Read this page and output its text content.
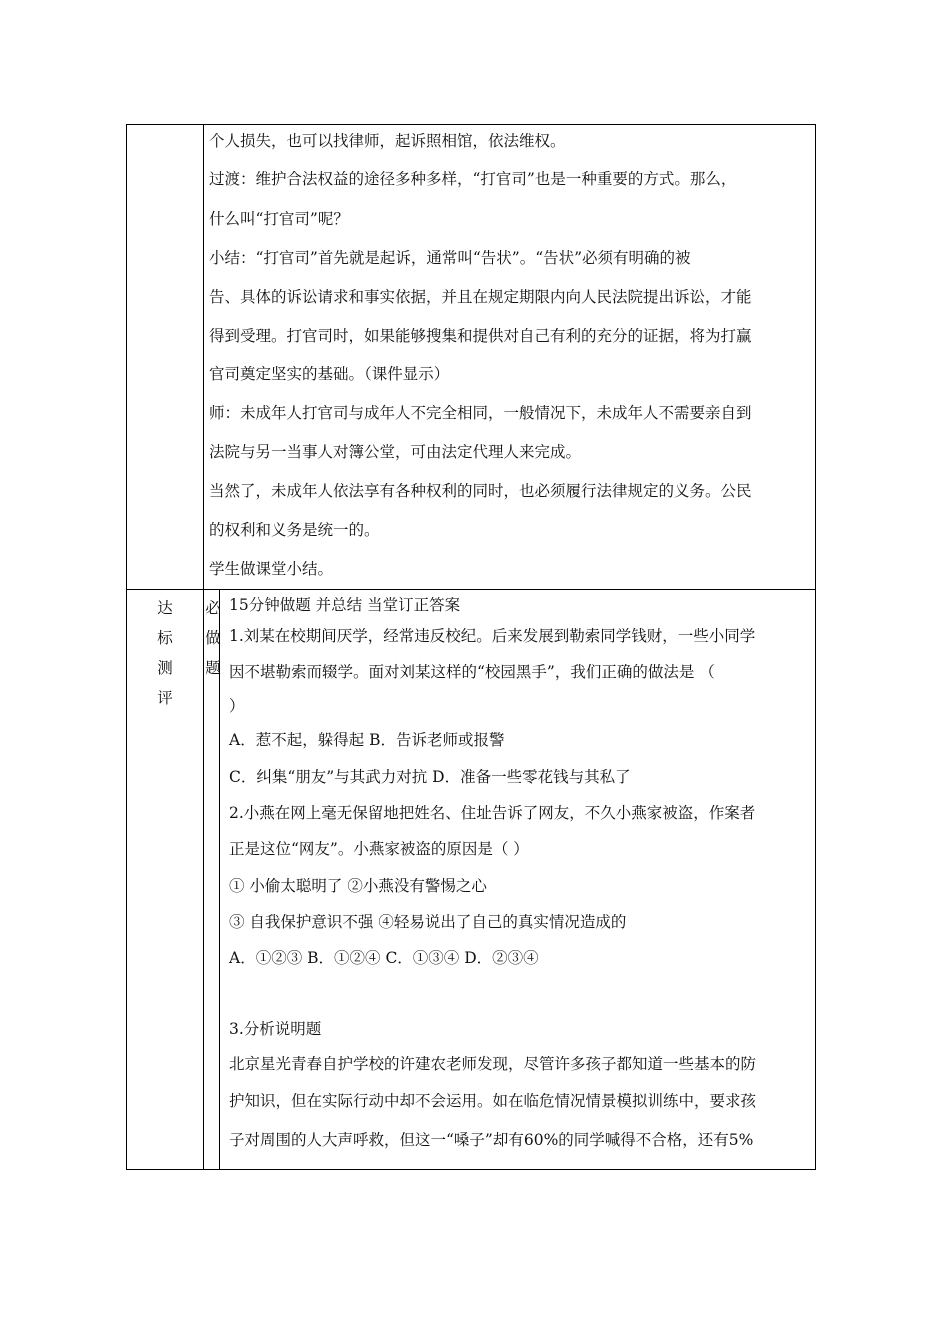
个人损失，也可以找律师，起诉照相馆，依法维权。

过渡：维护合法权益的途径多种多样，“打官司”也是一种重要的方式。那么，

什么叫“打官司”呢？

小结：“打官司”首先就是起诉，通常叫“告状”。“告状”必须有明确的被

告、具体的诉讼请求和事实依据，并且在规定期限内向人民法院提出诉讼，才能

得到受理。打官司时，如果能够搜集和提供对自己有利的充分的证据，将为打赢

官司奠定坚实的基础。（课件显示）

师：未成年人打官司与成年人不完全相同，一般情况下，未成年人不需要亲自到

法院与另一当事人对簿公堂，可由法定代理人来完成。

当然了，未成年人依法享有各种权利的同时，也必须履行法律规定的义务。公民

的权利和义务是统一的。

学生做课堂小结。

达
标
测
评
必
做
题

15分钟做题 并总结 当堂订正答案

1.刘某在校期间厌学，经常违反校纪。后来发展到勒索同学钱财，一些小同学

因不堪勒索而辍学。面对刘某这样的“校园黑手”，我们正确的做法是 （

）

A．惹不起，躲得起 B．告诉老师或报警

C．纠集“朋友”与其武力对抗 D．准备一些零花钱与其私了

2.小燕在网上毫无保留地把姓名、住址告诉了网友，不久小燕家被盗，作案者

正是这位“网友”。小燕家被盗的原因是（ ）

① 小偷太聪明了 ②小燕没有警惕之心

③ 自我保护意识不强 ④轻易说出了自己的真实情况造成的

A．①②③ B．①②④ C．①③④ D．②③④

3.分析说明题

北京星光青春自护学校的许建农老师发现，尽管许多孩子都知道一些基本的防

护知识，但在实际行动中却不会运用。如在临危情况情景模拟训练中，要求孩

子对周围的人大声呼救，但这一“嗓子”却有60%的同学喊得不合格，还有5%
